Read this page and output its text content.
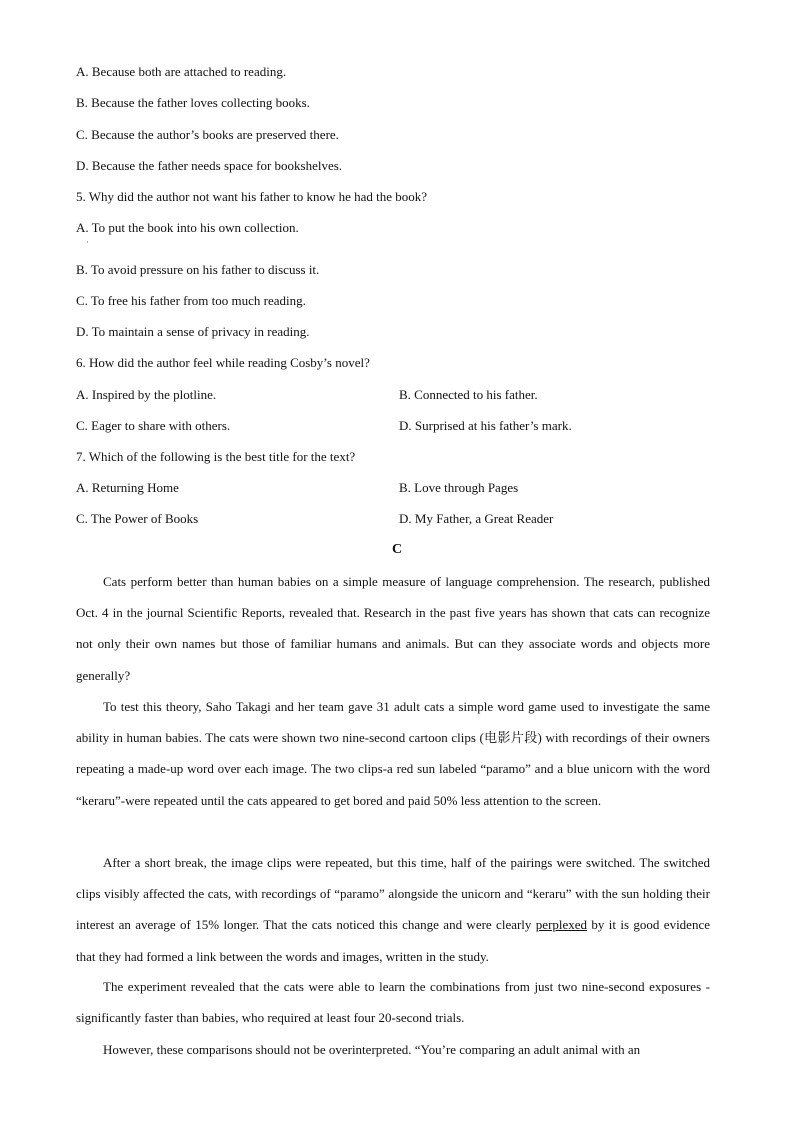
A. Because both are attached to reading.
B. Because the father loves collecting books.
C. Because the author’s books are preserved there.
D. Because the father needs space for bookshelves.
5. Why did the author not want his father to know he had the book?
A. To put the book into his own collection.
·
B. To avoid pressure on his father to discuss it.
C. To free his father from too much reading.
D. To maintain a sense of privacy in reading.
6. How did the author feel while reading Cosby’s novel?
A. Inspired by the plotline.	B. Connected to his father.
C. Eager to share with others.	D. Surprised at his father’s mark.
7. Which of the following is the best title for the text?
A. Returning Home	B. Love through Pages
C. The Power of Books	D. My Father, a Great Reader
C
Cats perform better than human babies on a simple measure of language comprehension. The research, published Oct. 4 in the journal Scientific Reports, revealed that. Research in the past five years has shown that cats can recognize not only their own names but those of familiar humans and animals. But can they associate words and objects more generally?
To test this theory, Saho Takagi and her team gave 31 adult cats a simple word game used to investigate the same ability in human babies. The cats were shown two nine-second cartoon clips (电影片段) with recordings of their owners repeating a made-up word over each image. The two clips-a red sun labeled “paramo” and a blue unicorn with the word “keraru”-were repeated until the cats appeared to get bored and paid 50% less attention to the screen.
After a short break, the image clips were repeated, but this time, half of the pairings were switched. The switched clips visibly affected the cats, with recordings of “paramo” alongside the unicorn and “keraru” with the sun holding their interest an average of 15% longer. That the cats noticed this change and were clearly perplexed by it is good evidence that they had formed a link between the words and images, written in the study.
The experiment revealed that the cats were able to learn the combinations from just two nine-second exposures - significantly faster than babies, who required at least four 20-second trials.
However, these comparisons should not be overinterpreted. “You’re comparing an adult animal with an
